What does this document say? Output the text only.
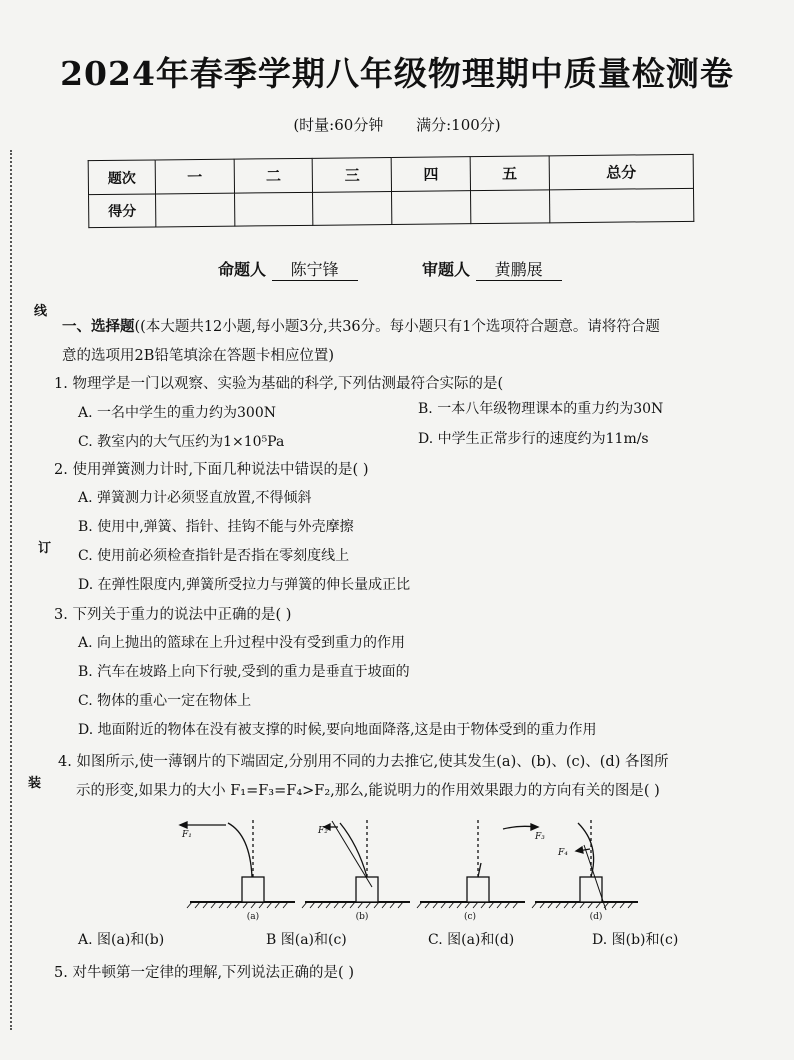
线
订
装
2024年春季学期八年级物理期中质量检测卷
(时量:60分钟 满分:100分)
题次	一	二	三	四	五	总分
得分						
命题人 陈宁锋	审题人 黄鹏展
一、选择题((本大题共12小题,每小题3分,共36分。每小题只有1个选项符合题意。请将符合题
意的选项用2B铅笔填涂在答题卡相应位置)
1. 物理学是一门以观察、实验为基础的科学,下列估测最符合实际的是(
A. 一名中学生的重力约为300N	B. 一本八年级物理课本的重力约为30N
C. 教室内的大气压约为1×10⁵Pa	D. 中学生正常步行的速度约为11m/s
2. 使用弹簧测力计时,下面几种说法中错误的是( )
A. 弹簧测力计必须竖直放置,不得倾斜
B. 使用中,弹簧、指针、挂钩不能与外壳摩擦
C. 使用前必须检查指针是否指在零刻度线上
D. 在弹性限度内,弹簧所受拉力与弹簧的伸长量成正比
3. 下列关于重力的说法中正确的是( )
A. 向上抛出的篮球在上升过程中没有受到重力的作用
B. 汽车在坡路上向下行驶,受到的重力是垂直于坡面的
C. 物体的重心一定在物体上
D. 地面附近的物体在没有被支撑的时候,要向地面降落,这是由于物体受到的重力作用
4. 如图所示,使一薄钢片的下端固定,分别用不同的力去推它,使其发生(a)、(b)、(c)、(d) 各图所
示的形变,如果力的大小 F₁=F₃=F₄>F₂,那么,能说明力的作用效果跟力的方向有关的图是( )
F₁	F₂
F₃
F₄
(a)	(b)	(c)	(d)
A. 图(a)和(b)	B 图(a)和(c)	C. 图(a)和(d)	D. 图(b)和(c)
5. 对牛顿第一定律的理解,下列说法正确的是( )
